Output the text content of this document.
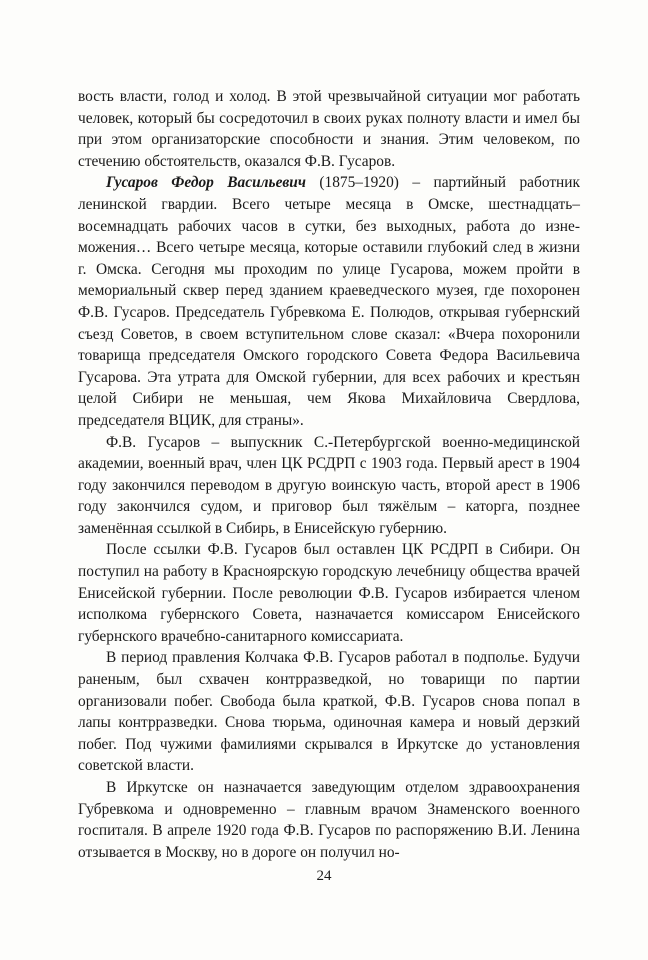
вость власти, голод и холод. В этой чрезвычайной ситуации мог работать человек, который бы сосредоточил в своих руках полноту власти и имел бы при этом организаторские способности и знания. Этим человеком, по стечению обстоятельств, оказался Ф.В. Гусаров.

Гусаров Федор Васильевич (1875–1920) – партийный работник ленинской гвардии. Всего четыре месяца в Омске, шестнадцать–восемнадцать рабочих часов в сутки, без выходных, работа до изнеможения… Всего четыре месяца, которые оставили глубокий след в жизни г. Омска. Сегодня мы проходим по улице Гусарова, можем пройти в мемориальный сквер перед зданием краеведческого музея, где похоронен Ф.В. Гусаров. Председатель Губревкома Е. Полюдов, открывая губернский съезд Советов, в своем вступительном слове сказал: «Вчера похоронили товарища председателя Омского городского Совета Федора Васильевича Гусарова. Эта утрата для Омской губернии, для всех рабочих и крестьян целой Сибири не меньшая, чем Якова Михайловича Свердлова, председателя ВЦИК, для страны».

Ф.В. Гусаров – выпускник С.-Петербургской военно-медицинской академии, военный врач, член ЦК РСДРП с 1903 года. Первый арест в 1904 году закончился переводом в другую воинскую часть, второй арест в 1906 году закончился судом, и приговор был тяжёлым – каторга, позднее заменённая ссылкой в Сибирь, в Енисейскую губернию.

После ссылки Ф.В. Гусаров был оставлен ЦК РСДРП в Сибири. Он поступил на работу в Красноярскую городскую лечебницу общества врачей Енисейской губернии. После революции Ф.В. Гусаров избирается членом исполкома губернского Совета, назначается комиссаром Енисейского губернского врачебно-санитарного комиссариата.

В период правления Колчака Ф.В. Гусаров работал в подполье. Будучи раненым, был схвачен контрразведкой, но товарищи по партии организовали побег. Свобода была краткой, Ф.В. Гусаров снова попал в лапы контрразведки. Снова тюрьма, одиночная камера и новый дерзкий побег. Под чужими фамилиями скрывался в Иркутске до установления советской власти.

В Иркутске он назначается заведующим отделом здравоохранения Губревкома и одновременно – главным врачом Знаменского военного госпиталя. В апреле 1920 года Ф.В. Гусаров по распоряжению В.И. Ленина отзывается в Москву, но в дороге он получил но-

24
